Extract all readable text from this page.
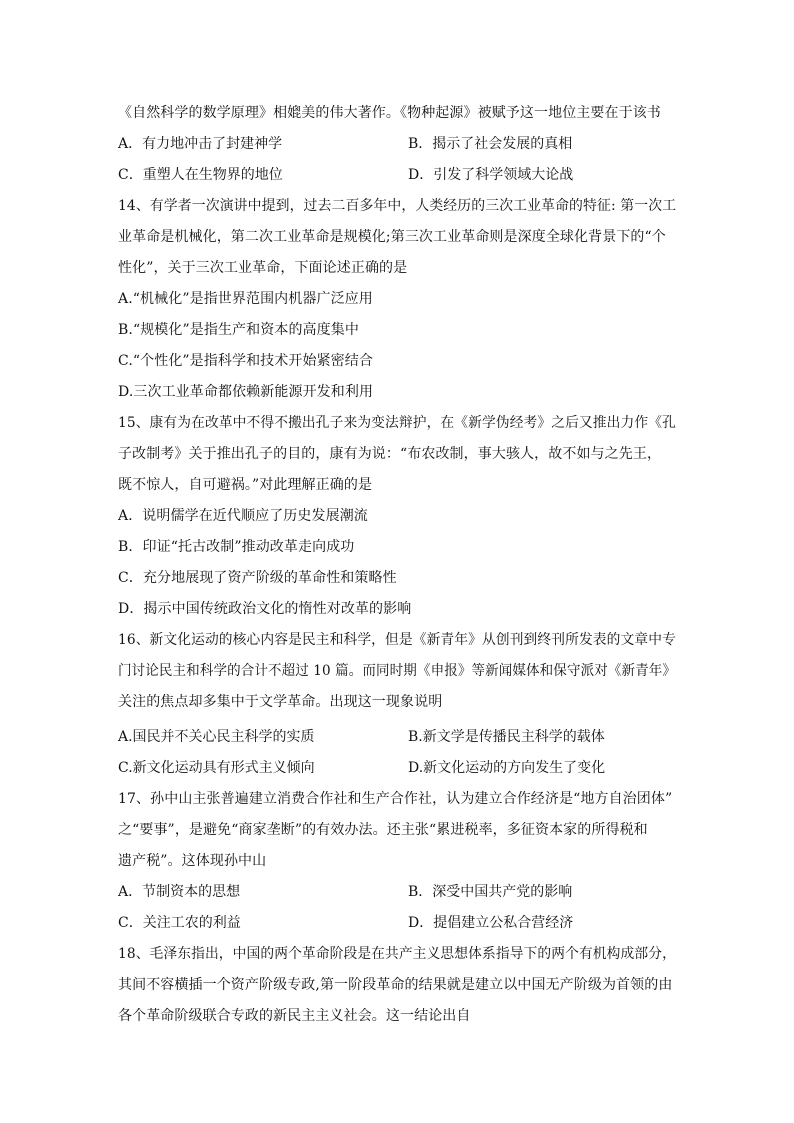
《自然科学的数学原理》相媲美的伟大著作。《物种起源》被赋予这一地位主要在于该书
A．有力地冲击了封建神学	B．揭示了社会发展的真相
C．重塑人在生物界的地位	D．引发了科学领域大论战
14、有学者一次演讲中提到，过去二百多年中，人类经历的三次工业革命的特征: 第一次工
业革命是机械化，第二次工业革命是规模化;第三次工业革命则是深度全球化背景下的“个
性化”，关于三次工业革命，下面论述正确的是
A.“机械化”是指世界范围内机器广泛应用
B.“规模化”是指生产和资本的高度集中
C.“个性化”是指科学和技术开始紧密结合
D.三次工业革命都依赖新能源开发和利用
15、康有为在改革中不得不搬出孔子来为变法辩护，在《新学伪经考》之后又推出力作《孔
子改制考》关于推出孔子的目的，康有为说：“布农改制，事大骇人，故不如与之先王，
既不惊人，自可避祸。”对此理解正确的是
A．说明儒学在近代顺应了历史发展潮流
B．印证“托古改制”推动改革走向成功
C．充分地展现了资产阶级的革命性和策略性
D．揭示中国传统政治文化的惰性对改革的影响
16、新文化运动的核心内容是民主和科学，但是《新青年》从创刊到终刊所发表的文章中专
门讨论民主和科学的合计不超过 10 篇。而同时期《申报》等新闻媒体和保守派对《新青年》
关注的焦点却多集中于文学革命。出现这一现象说明
A.国民并不关心民主科学的实质	B.新文学是传播民主科学的载体
C.新文化运动具有形式主义倾向	D.新文化运动的方向发生了变化
17、孙中山主张普遍建立消费合作社和生产合作社，认为建立合作经济是“地方自治团体”
之“要事”，是避免“商家垄断”的有效办法。还主张“累进税率，多征资本家的所得税和
遗产税”。这体现孙中山
A．节制资本的思想	B．深受中国共产党的影响
C．关注工农的利益	D．提倡建立公私合营经济
18、毛泽东指出，中国的两个革命阶段是在共产主义思想体系指导下的两个有机构成部分，
其间不容横插一个资产阶级专政,第一阶段革命的结果就是建立以中国无产阶级为首领的由
各个革命阶级联合专政的新民主主义社会。这一结论出自
